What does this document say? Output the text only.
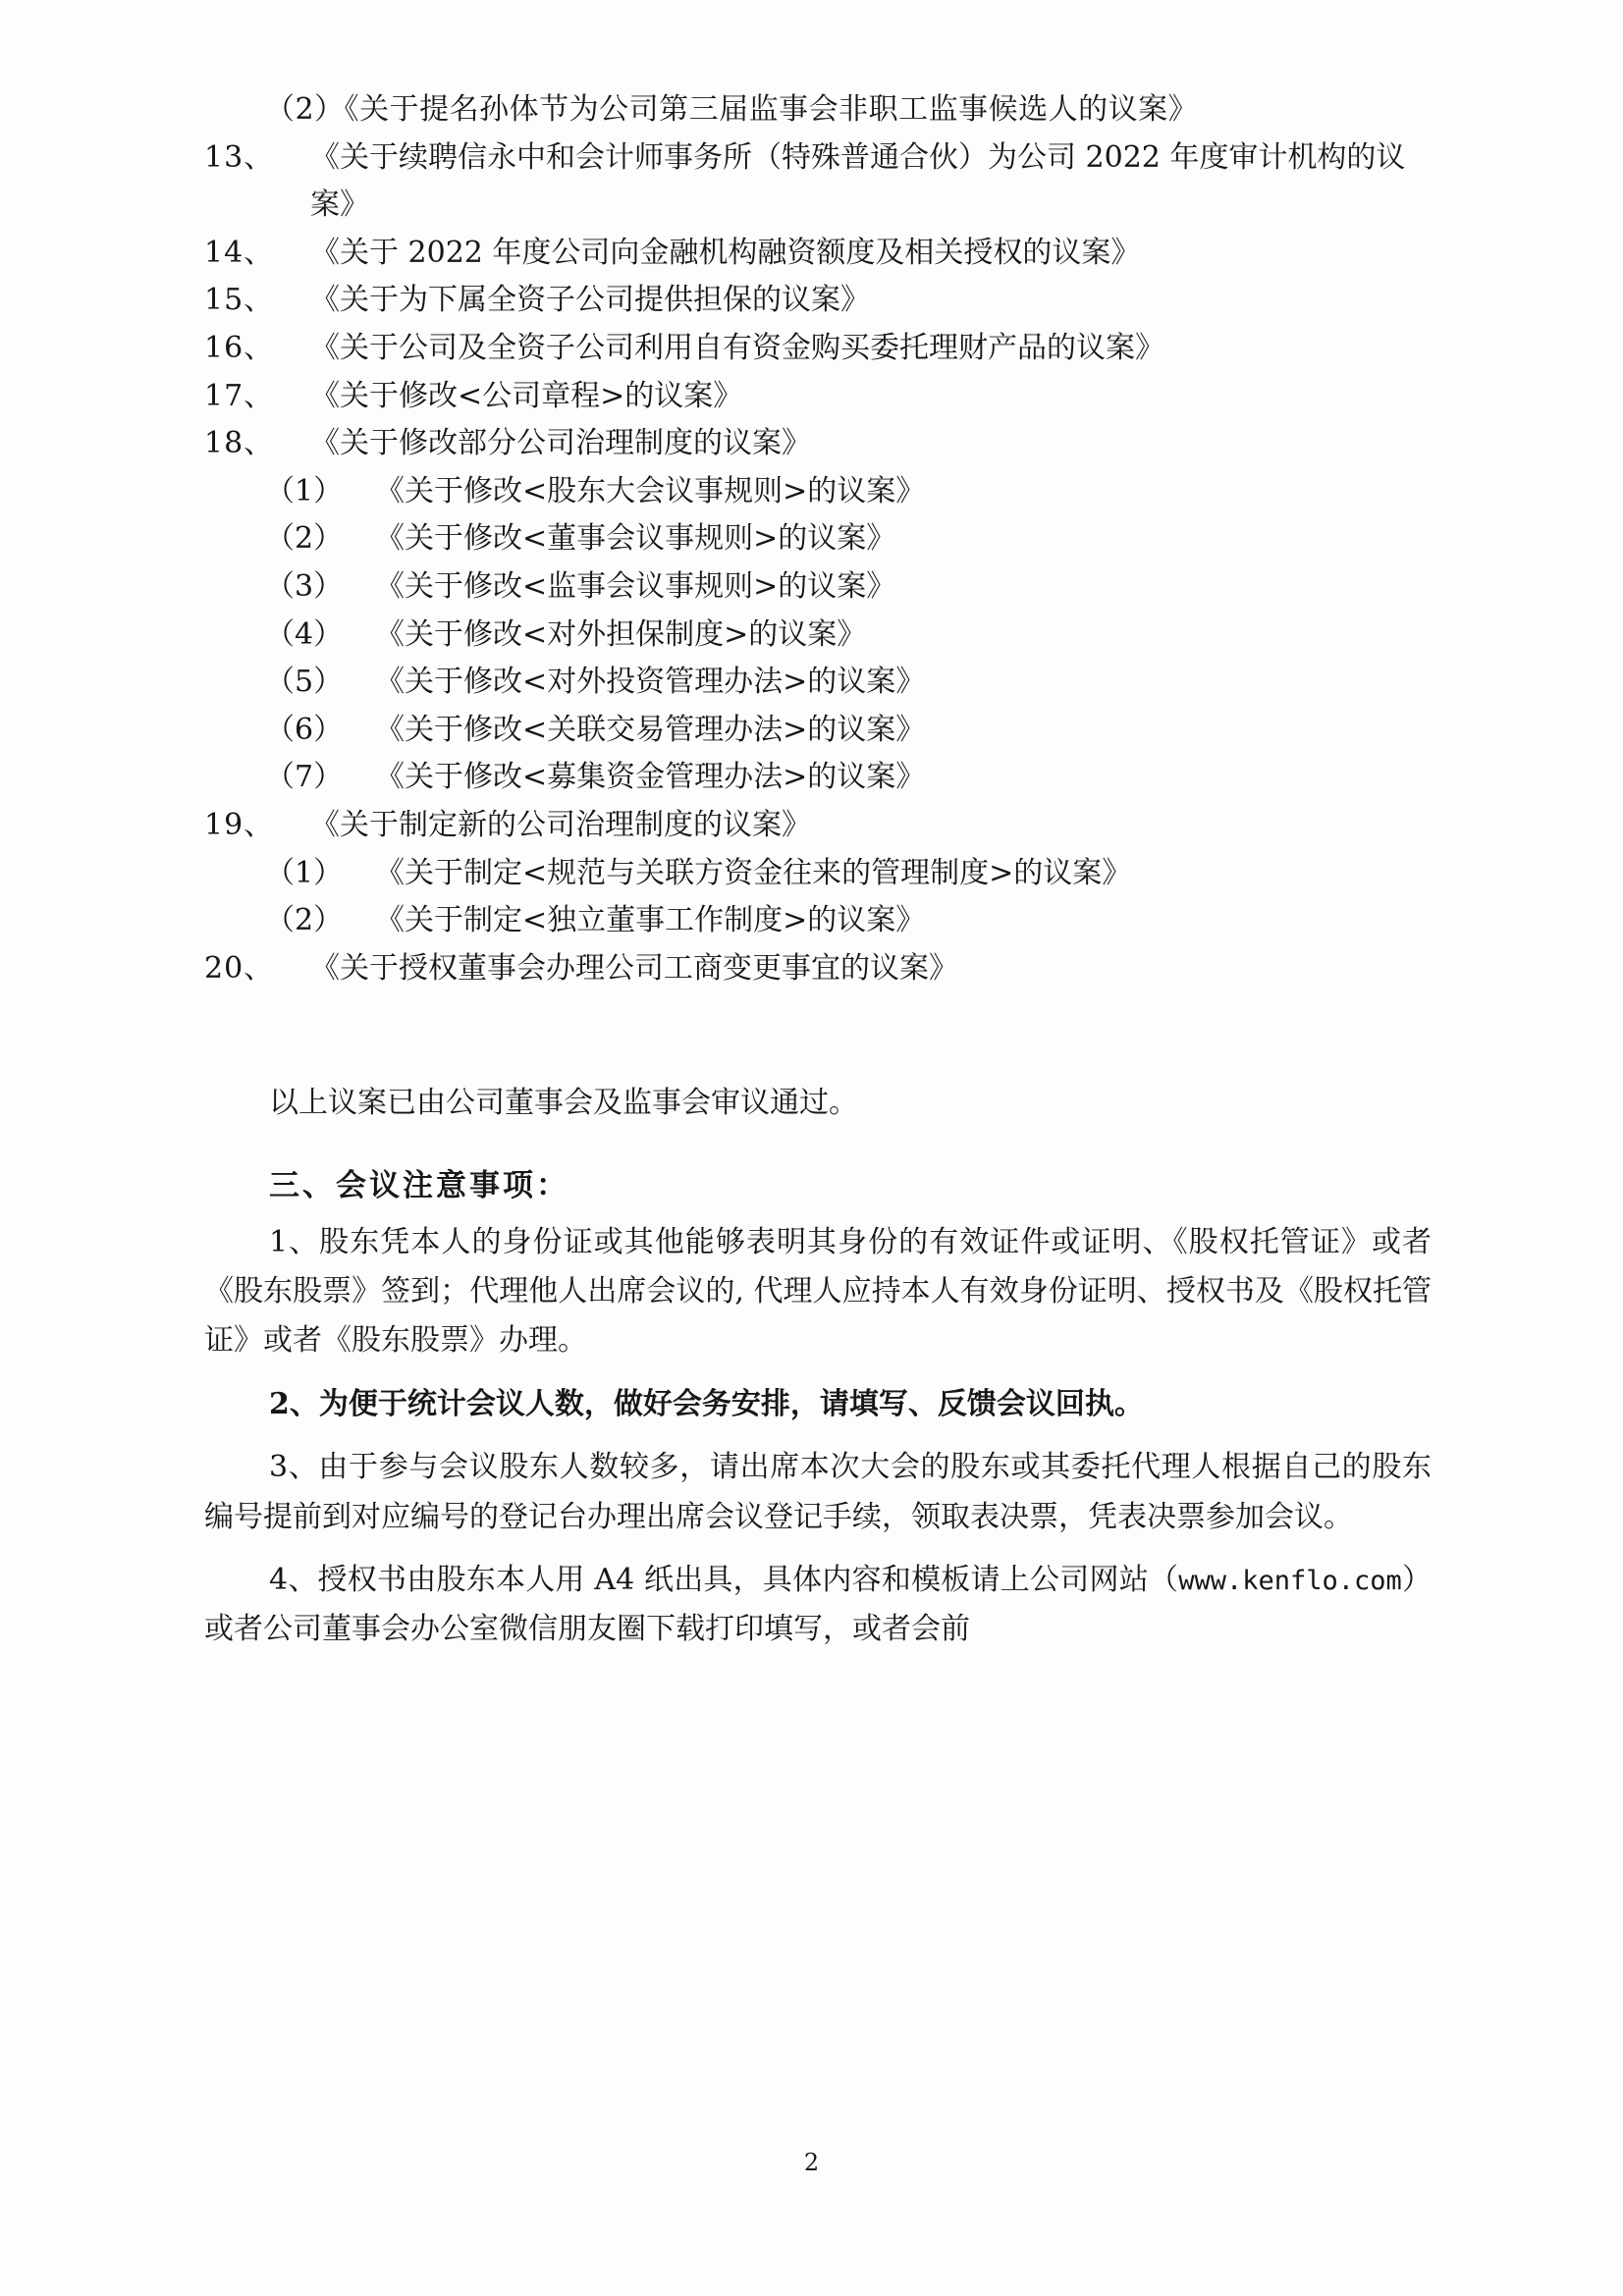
（2）《关于提名孙体节为公司第三届监事会非职工监事候选人的议案》
13、	《关于续聘信永中和会计师事务所（特殊普通合伙）为公司 2022 年度审计机构的议案》
14、	《关于 2022 年度公司向金融机构融资额度及相关授权的议案》
15、	《关于为下属全资子公司提供担保的议案》
16、	《关于公司及全资子公司利用自有资金购买委托理财产品的议案》
17、	《关于修改<公司章程>的议案》
18、	《关于修改部分公司治理制度的议案》
（1）	《关于修改<股东大会议事规则>的议案》
（2）	《关于修改<董事会议事规则>的议案》
（3）	《关于修改<监事会议事规则>的议案》
（4）	《关于修改<对外担保制度>的议案》
（5）	《关于修改<对外投资管理办法>的议案》
（6）	《关于修改<关联交易管理办法>的议案》
（7）	《关于修改<募集资金管理办法>的议案》
19、	《关于制定新的公司治理制度的议案》
（1）	《关于制定<规范与关联方资金往来的管理制度>的议案》
（2）	《关于制定<独立董事工作制度>的议案》
20、	《关于授权董事会办理公司工商变更事宜的议案》
以上议案已由公司董事会及监事会审议通过。
三、会议注意事项：
1、股东凭本人的身份证或其他能够表明其身份的有效证件或证明、《股权托管证》或者《股东股票》签到；代理他人出席会议的, 代理人应持本人有效身份证明、授权书及《股权托管证》或者《股东股票》办理。
2、为便于统计会议人数，做好会务安排，请填写、反馈会议回执。
3、由于参与会议股东人数较多，请出席本次大会的股东或其委托代理人根据自己的股东编号提前到对应编号的登记台办理出席会议登记手续，领取表决票，凭表决票参加会议。
4、授权书由股东本人用 A4 纸出具，具体内容和模板请上公司网站（www.kenflo.com）或者公司董事会办公室微信朋友圈下载打印填写，或者会前
2
